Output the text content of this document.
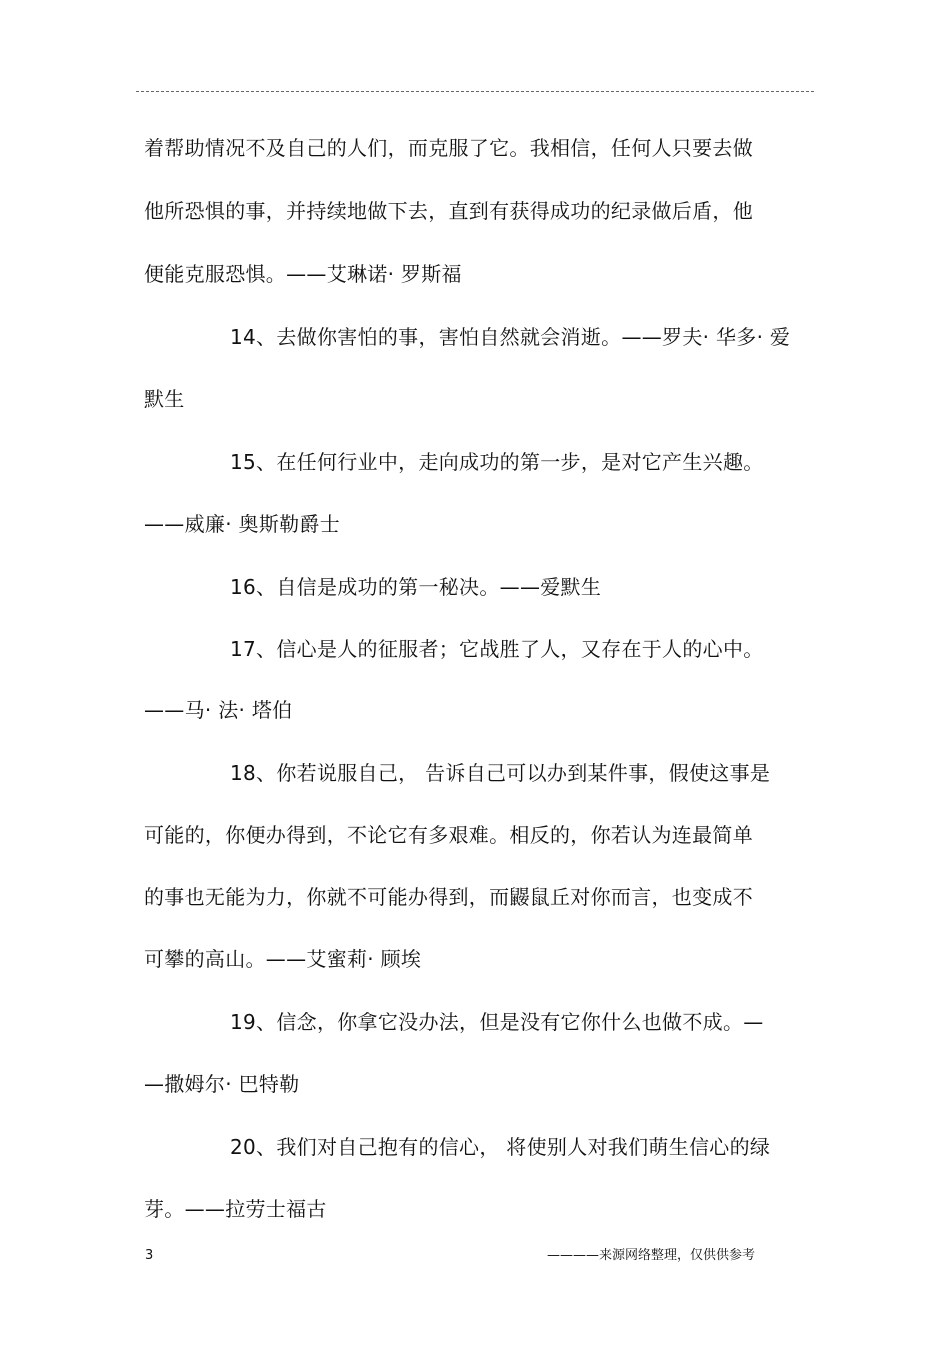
着帮助情况不及自己的人们，而克服了它。我相信，任何人只要去做
他所恐惧的事，并持续地做下去，直到有获得成功的纪录做后盾，他
便能克服恐惧。——艾琳诺· 罗斯福
14、去做你害怕的事，害怕自然就会消逝。——罗夫· 华多· 爱
默生
15、在任何行业中，走向成功的第一步，是对它产生兴趣。
——威廉· 奥斯勒爵士
16、自信是成功的第一秘决。——爱默生
17、信心是人的征服者；它战胜了人，又存在于人的心中。
——马· 法· 塔伯
18、你若说服自己， 告诉自己可以办到某件事，假使这事是
可能的，你便办得到，不论它有多艰难。相反的，你若认为连最简单
的事也无能为力，你就不可能办得到，而鼹鼠丘对你而言，也变成不
可攀的高山。——艾蜜莉· 顾埃
19、信念，你拿它没办法，但是没有它你什么也做不成。—
—撒姆尔· 巴特勒
20、我们对自己抱有的信心， 将使别人对我们萌生信心的绿
芽。——拉劳士福古
3	————来源网络整理，仅供供参考
